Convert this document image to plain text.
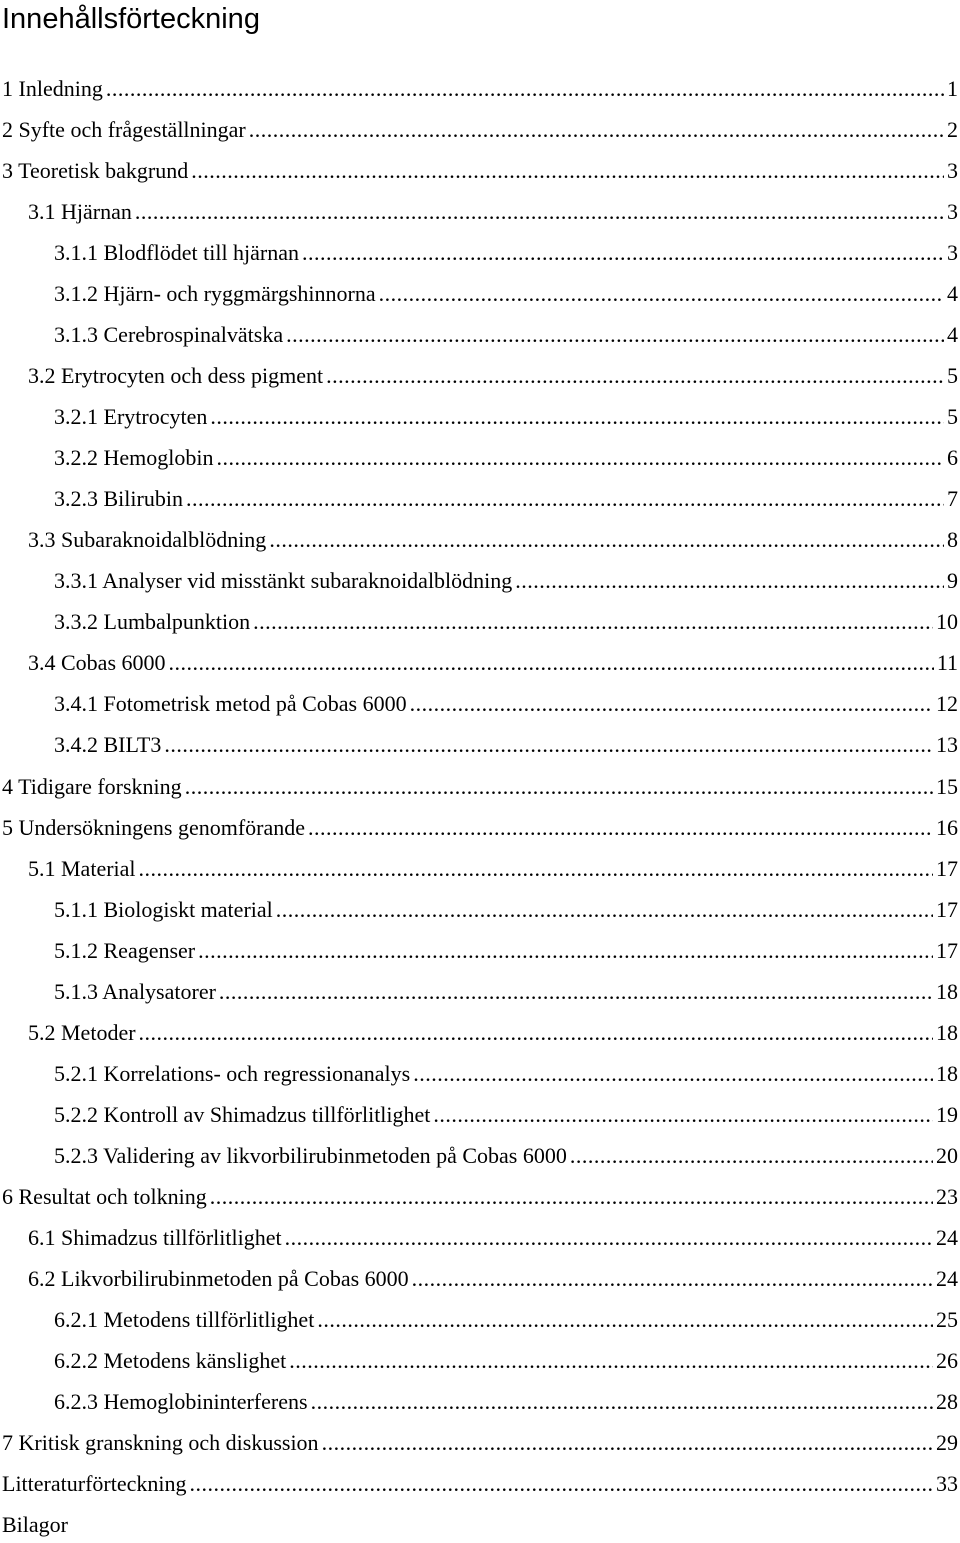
Innehållsförteckning
1 Inledning .....	1
2 Syfte och frågeställningar .....	2
3 Teoretisk bakgrund .....	3
3.1 Hjärnan .....	3
3.1.1 Blodflödet till hjärnan .....	3
3.1.2 Hjärn- och ryggmärgshinnorna .....	4
3.1.3 Cerebrospinalvätska .....	4
3.2 Erytrocyten och dess pigment .....	5
3.2.1 Erytrocyten .....	5
3.2.2 Hemoglobin .....	6
3.2.3 Bilirubin .....	7
3.3 Subaraknoidalblödning .....	8
3.3.1 Analyser vid misstänkt subaraknoidalblödning .....	9
3.3.2 Lumbalpunktion .....	10
3.4 Cobas 6000 .....	11
3.4.1 Fotometrisk metod på Cobas 6000 .....	12
3.4.2 BILT3 .....	13
4 Tidigare forskning .....	15
5 Undersökningens genomförande .....	16
5.1 Material .....	17
5.1.1 Biologiskt material .....	17
5.1.2 Reagenser .....	17
5.1.3 Analysatorer .....	18
5.2 Metoder .....	18
5.2.1 Korrelations- och regressionanalys .....	18
5.2.2 Kontroll av Shimadzus tillförlitlighet .....	19
5.2.3 Validering av likvorbilirubinmetoden på Cobas 6000 .....	20
6 Resultat och tolkning .....	23
6.1 Shimadzus tillförlitlighet .....	24
6.2 Likvorbilirubinmetoden på Cobas 6000 .....	24
6.2.1 Metodens tillförlitlighet .....	25
6.2.2 Metodens känslighet .....	26
6.2.3 Hemoglobininterferens .....	28
7 Kritisk granskning och diskussion .....	29
Litteraturförteckning .....	33
Bilagor
